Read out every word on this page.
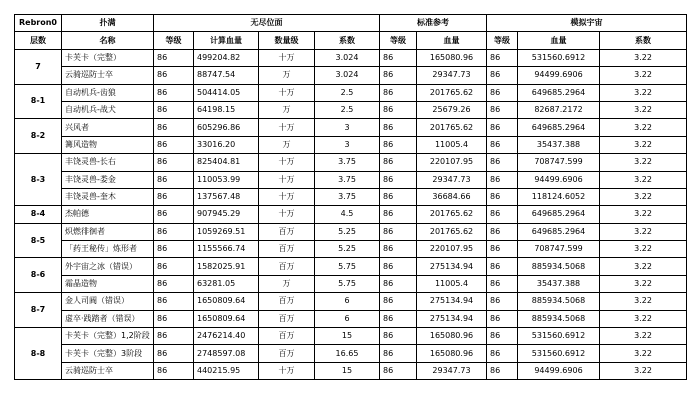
Rebron0	扑满	无尽位面				标准参考		模拟宇宙		
层数	名称	等级	计算血量	数量级	系数	等级	血量	等级	血量	系数
7	卡芙卡（完整）	86	499204.82	十万	3.024	86	165080.96	86	531560.6912	3.22
	云骑巡防士卒	86	88747.54	万	3.024	86	29347.73	86	94499.6906	3.22
8-1	自动机兵-齿狼	86	504414.05	十万	2.5	86	201765.62	86	649685.2964	3.22
	自动机兵-战犬	86	64198.15	万	2.5	86	25679.26	86	82687.2172	3.22
8-2	兴风者	86	605296.86	十万	3	86	201765.62	86	649685.2964	3.22
	篝风造物	86	33016.20	万	3	86	11005.4	86	35437.388	3.22
8-3	丰饶灵兽-长右	86	825404.81	十万	3.75	86	220107.95	86	708747.599	3.22
	丰饶灵兽-娄金	86	110053.99	十万	3.75	86	29347.73	86	94499.6906	3.22
	丰饶灵兽-奎木	86	137567.48	十万	3.75	86	36684.66	86	118124.6052	3.22
8-4	杰帕德	86	907945.29	十万	4.5	86	201765.62	86	649685.2964	3.22
8-5	炽燃徘徊者	86	1059269.51	百万	5.25	86	201765.62	86	649685.2964	3.22
	「药王秘传」炼形者	86	1155566.74	百万	5.25	86	220107.95	86	708747.599	3.22
8-6	外宇宙之冰（错误）	86	1582025.91	百万	5.75	86	275134.94	86	885934.5068	3.22
	霜晶造物	86	63281.05	万	5.75	86	11005.4	86	35437.388	3.22
8-7	金人司阍（错误）	86	1650809.64	百万	6	86	275134.94	86	885934.5068	3.22
	虚卒·践踏者（错误）	86	1650809.64	百万	6	86	275134.94	86	885934.5068	3.22
8-8	卡芙卡（完整）1,2阶段	86	2476214.40	百万	15	86	165080.96	86	531560.6912	3.22
	卡芙卡（完整）3阶段	86	2748597.08	百万	16.65	86	165080.96	86	531560.6912	3.22
	云骑巡防士卒	86	440215.95	十万	15	86	29347.73	86	94499.6906	3.22
